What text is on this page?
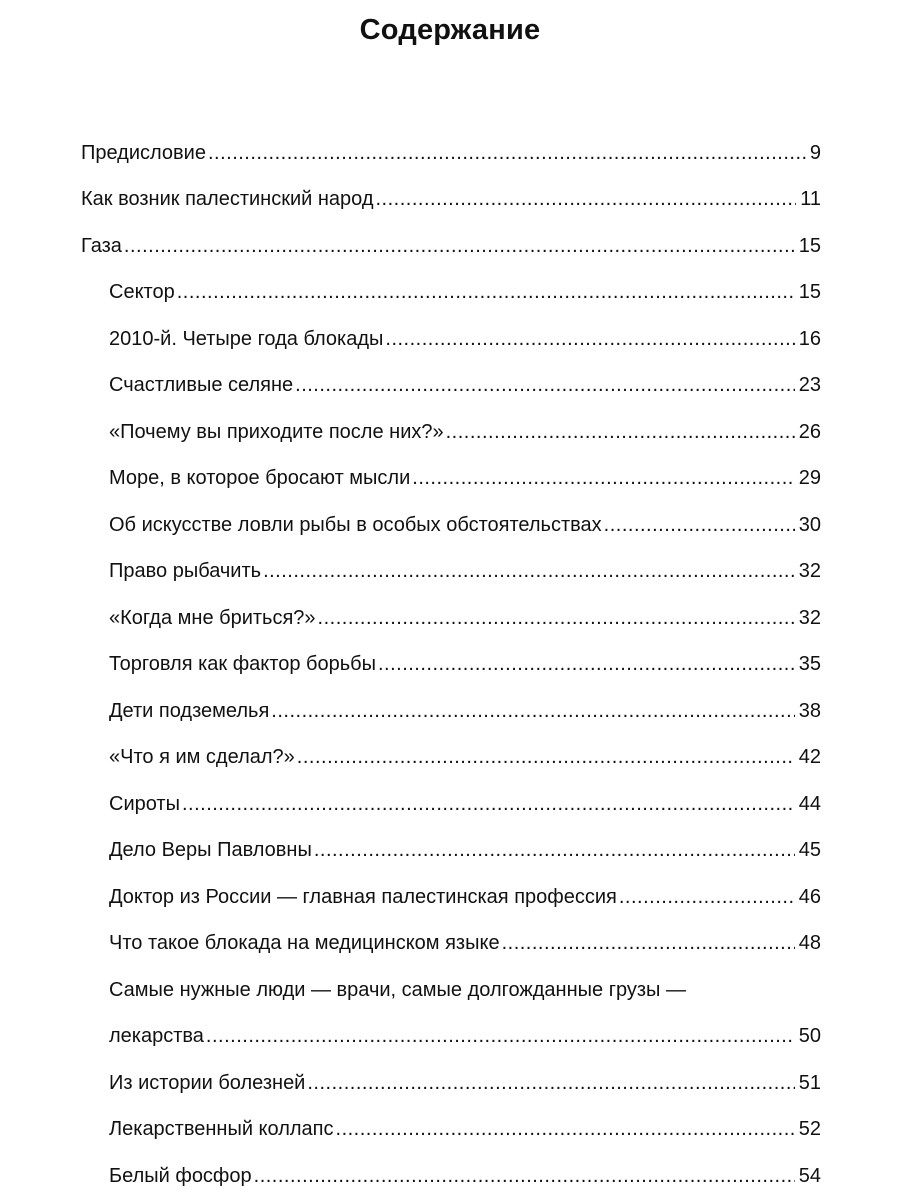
Содержание
Предисловие .....	9
Как возник палестинский народ .....	11
Газа .....	15
Сектор .....	15
2010-й. Четыре года блокады .....	16
Счастливые селяне .....	23
«Почему вы приходите после них?» .....	26
Море, в которое бросают мысли .....	29
Об искусстве ловли рыбы в особых обстоятельствах .....	30
Право рыбачить .....	32
«Когда мне бриться?» .....	32
Торговля как фактор борьбы .....	35
Дети подземелья .....	38
«Что я им сделал?» .....	42
Сироты .....	44
Дело Веры Павловны .....	45
Доктор из России — главная палестинская профессия .....	46
Что такое блокада на медицинском языке .....	48
Самые нужные люди — врачи, самые долгожданные грузы —
лекарства .....	50
Из истории болезней .....	51
Лекарственный коллапс .....	52
Белый фосфор .....	54
